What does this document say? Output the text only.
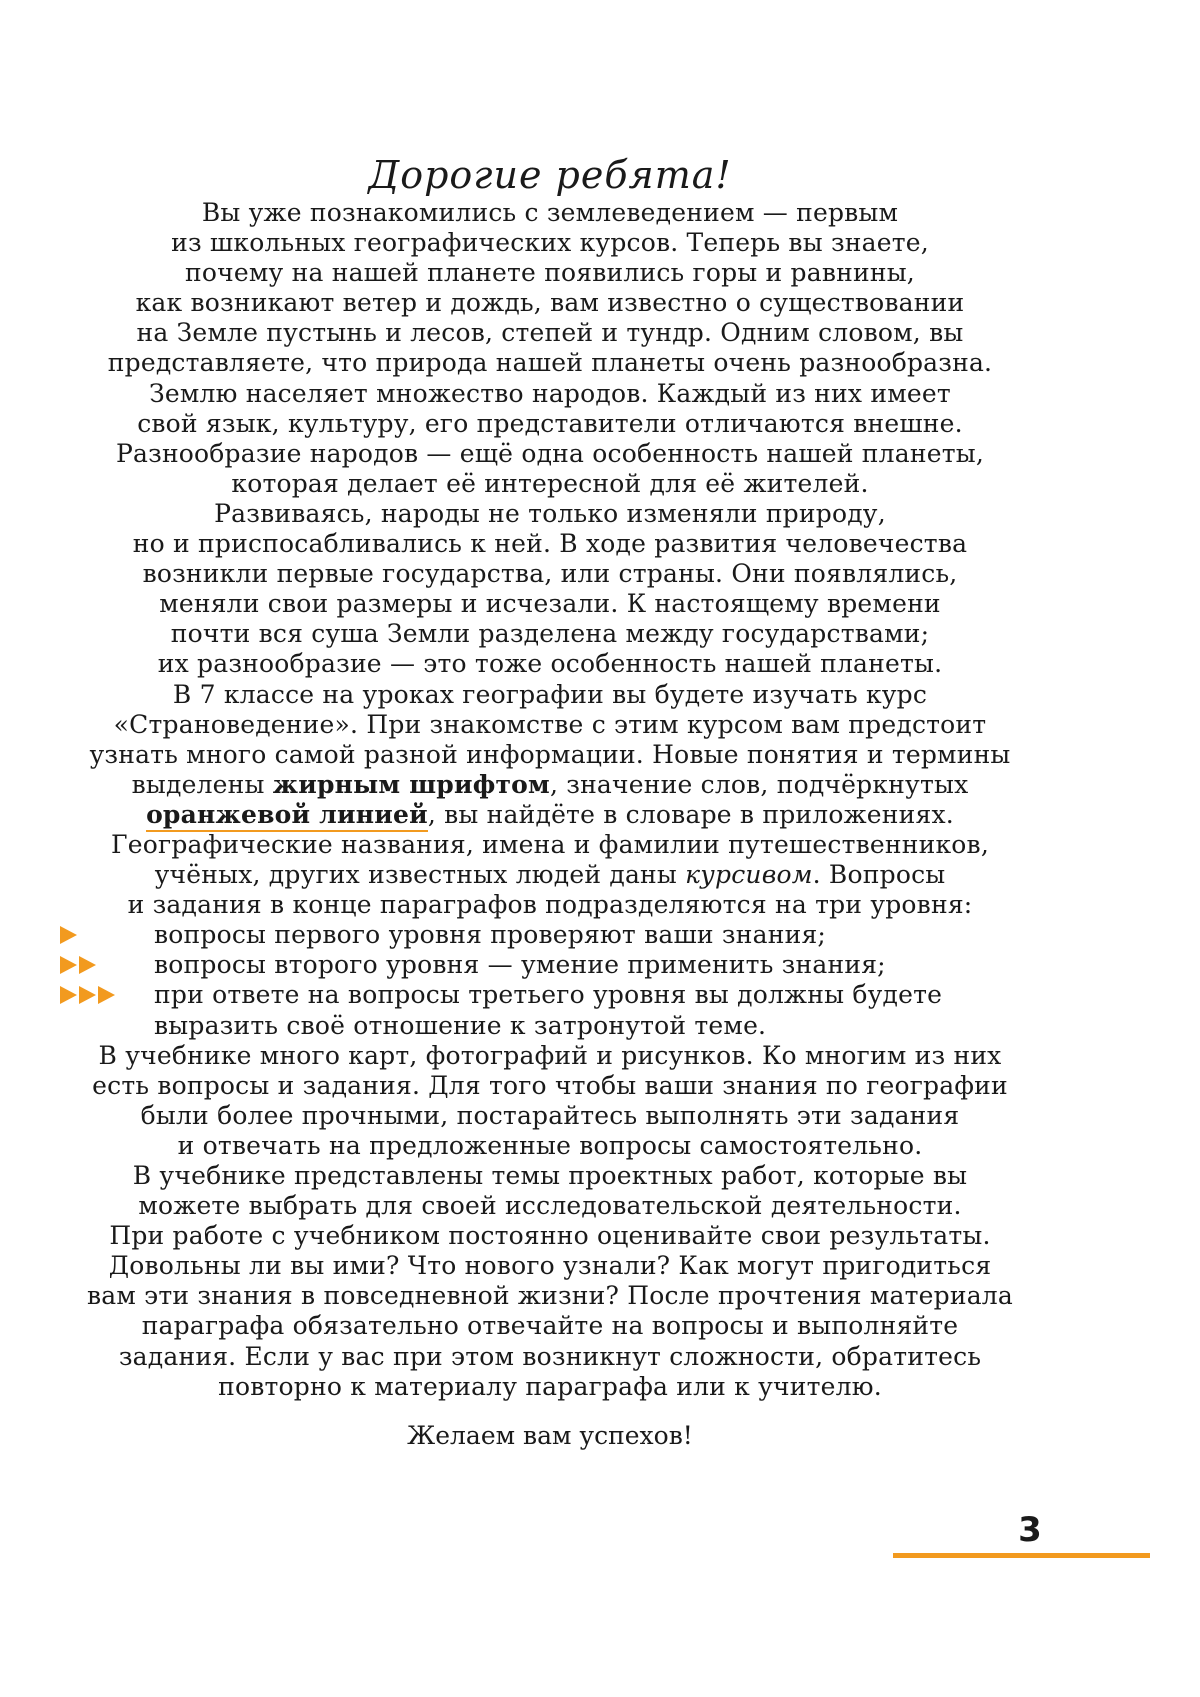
Дорогие ребята!
Вы уже познакомились с землеведением — первым
из школьных географических курсов. Теперь вы знаете,
почему на нашей планете появились горы и равнины,
как возникают ветер и дождь, вам известно о существовании
на Земле пустынь и лесов, степей и тундр. Одним словом, вы
представляете, что природа нашей планеты очень разнообразна.
Землю населяет множество народов. Каждый из них имеет
свой язык, культуру, его представители отличаются внешне.
Разнообразие народов — ещё одна особенность нашей планеты,
которая делает её интересной для её жителей.
Развиваясь, народы не только изменяли природу,
но и приспосабливались к ней. В ходе развития человечества
возникли первые государства, или страны. Они появлялись,
меняли свои размеры и исчезали. К настоящему времени
почти вся суша Земли разделена между государствами;
их разнообразие — это тоже особенность нашей планеты.
В 7 классе на уроках географии вы будете изучать курс
«Страноведение». При знакомстве с этим курсом вам предстоит
узнать много самой разной информации. Новые понятия и термины
выделены жирным шрифтом, значение слов, подчёркнутых
оранжевой линией, вы найдёте в словаре в приложениях.
Географические названия, имена и фамилии путешественников,
учёных, других известных людей даны курсивом. Вопросы
и задания в конце параграфов подразделяются на три уровня:
вопросы первого уровня проверяют ваши знания;
вопросы второго уровня — умение применить знания;
при ответе на вопросы третьего уровня вы должны будете
выразить своё отношение к затронутой теме.
В учебнике много карт, фотографий и рисунков. Ко многим из них
есть вопросы и задания. Для того чтобы ваши знания по географии
были более прочными, постарайтесь выполнять эти задания
и отвечать на предложенные вопросы самостоятельно.
В учебнике представлены темы проектных работ, которые вы
можете выбрать для своей исследовательской деятельности.
При работе с учебником постоянно оценивайте свои результаты.
Довольны ли вы ими? Что нового узнали? Как могут пригодиться
вам эти знания в повседневной жизни? После прочтения материала
параграфа обязательно отвечайте на вопросы и выполняйте
задания. Если у вас при этом возникнут сложности, обратитесь
повторно к материалу параграфа или к учителю.
Желаем вам успехов!
3
